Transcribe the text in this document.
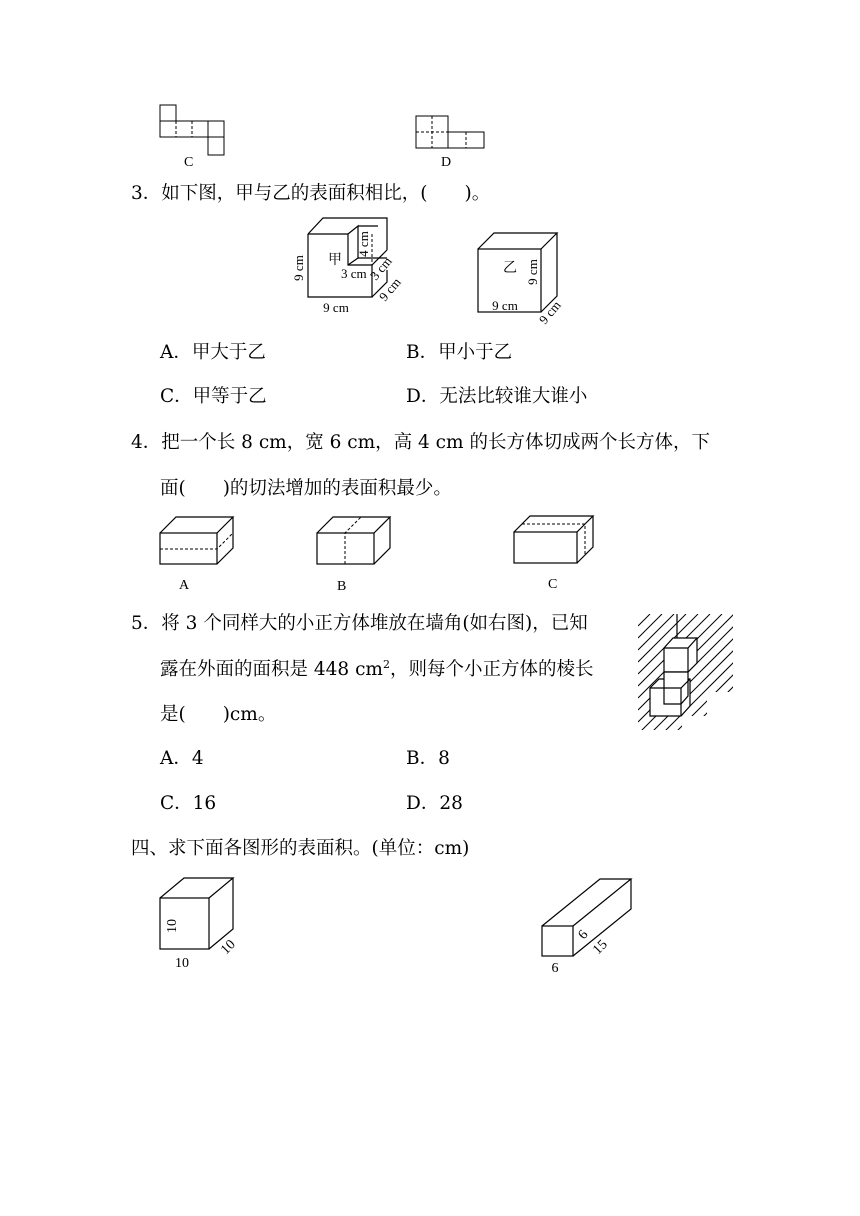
C	D
3．如下图，甲与乙的表面积相比，(　　)。
甲
9 cm
9 cm
9 cm
4 cm
3 cm 3 cm	乙 9 cm
9 cm 9 cm
A．甲大于乙	B．甲小于乙
C．甲等于乙	D．无法比较谁大谁小
4．把一个长 8 cm，宽 6 cm，高 4 cm 的长方体切成两个长方体，下
面(　　)的切法增加的表面积最少。
A	B	C
5．将 3 个同样大的小正方体堆放在墙角(如右图)，已知
露在外面的面积是 448 $cm^2$，则每个小正方体的棱长
是(　　)cm。
A．4	B．8
C．16	D．28
四、求下面各图形的表面积。(单位：cm)
10
10
10
6
6
15
